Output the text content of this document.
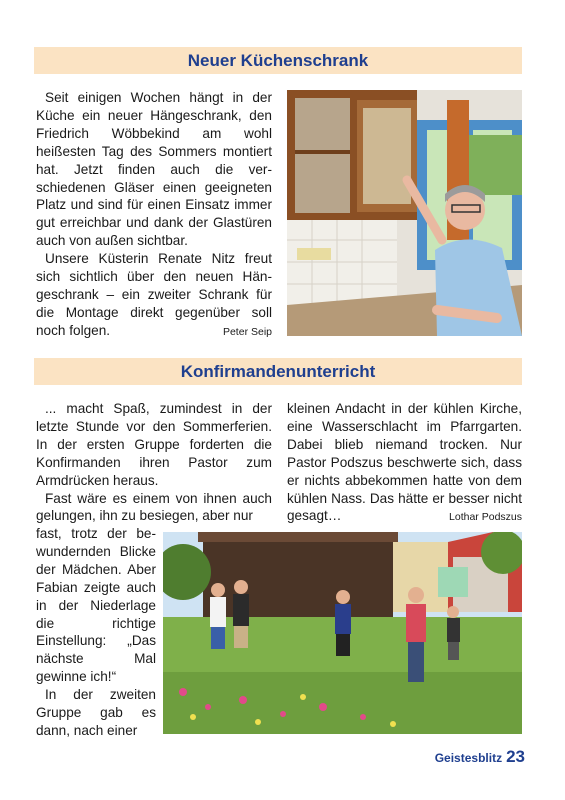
Neuer Küchenschrank

Seit einigen Wochen hängt in der Küche ein neuer Hängeschrank, den Friedrich Wöbbekind am wohl heißesten Tag des Sommers montiert hat. Jetzt finden auch die verschiedenen Gläser einen geeigneten Platz und sind für einen Einsatz immer gut erreichbar und dank der Glastüren auch von außen sichtbar.

Unsere Küsterin Renate Nitz freut sich sichtlich über den neuen Hängeschrank – ein zweiter Schrank für die Montage direkt gegenüber soll noch folgen.	Peter Seip

Konfirmandenunterricht

... macht Spaß, zumindest in der letzte Stunde vor den Sommerferien. In der ersten Gruppe forderten die Konfirmanden ihren Pastor zum Armdrücken heraus.

Fast wäre es einem von ihnen auch gelungen, ihn zu besiegen, aber nur

fast, trotz der bewundernden Blicke der Mädchen. Aber Fabian zeigte auch in der Niederlage die richtige Einstellung: „Das nächste Mal gewinne ich!“

In der zweiten Gruppe gab es dann, nach einer

kleinen Andacht in der kühlen Kirche, eine Wasserschlacht im Pfarrgarten. Dabei blieb niemand trocken. Nur Pastor Podszus beschwerte sich, dass er nichts abbekommen hatte von dem kühlen Nass. Das hätte er besser nicht gesagt…	Lothar Podszus

Geistesblitz 23
